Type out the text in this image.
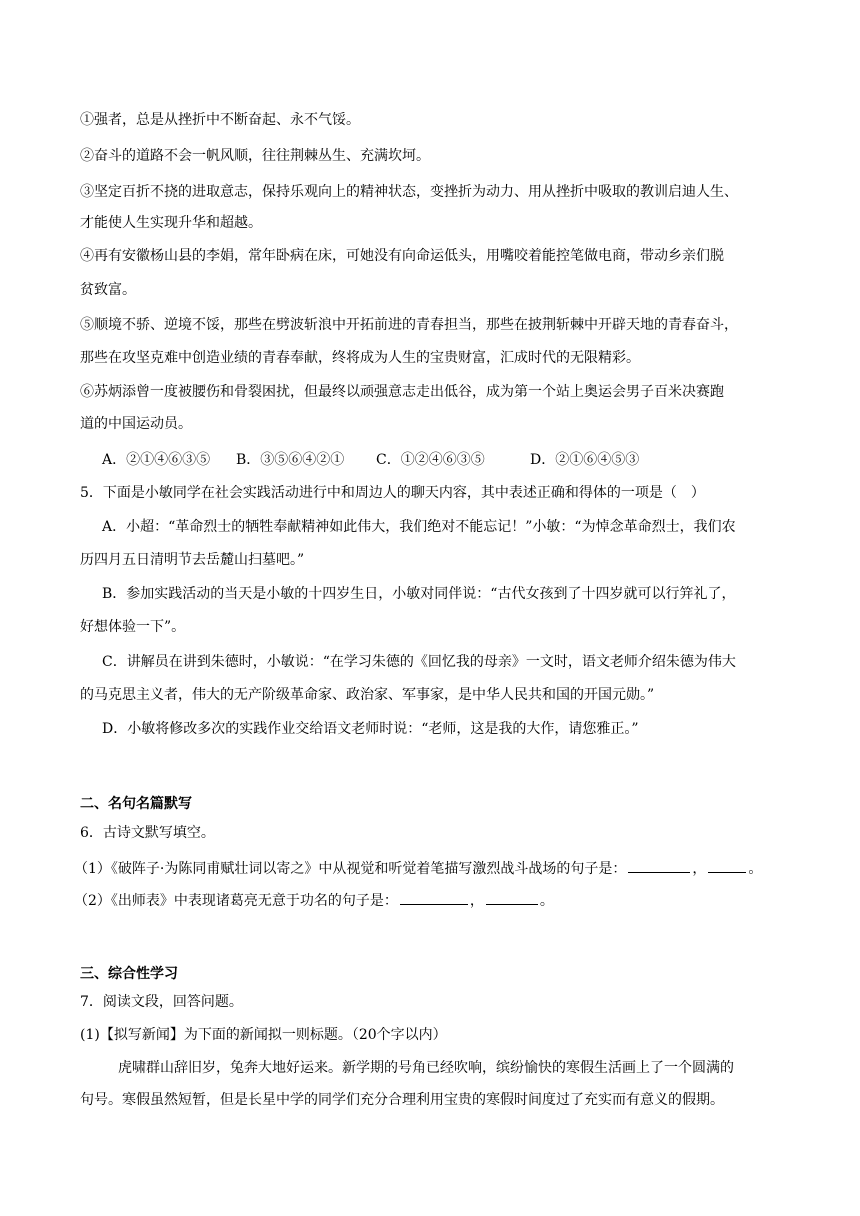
①强者，总是从挫折中不断奋起、永不气馁。
②奋斗的道路不会一帆风顺，往往荆棘丛生、充满坎坷。
③坚定百折不挠的进取意志，保持乐观向上的精神状态，变挫折为动力、用从挫折中吸取的教训启迪人生、
才能使人生实现升华和超越。
④再有安徽杨山县的李娟，常年卧病在床，可她没有向命运低头，用嘴咬着能控笔做电商，带动乡亲们脱
贫致富。
⑤顺境不骄、逆境不馁，那些在劈波斩浪中开拓前进的青春担当，那些在披荆斩棘中开辟天地的青春奋斗，
那些在攻坚克难中创造业绩的青春奉献，终将成为人生的宝贵财富，汇成时代的无限精彩。
⑥苏炳添曾一度被腰伤和骨裂困扰，但最终以顽强意志走出低谷，成为第一个站上奥运会男子百米决赛跑
道的中国运动员。
A．②①④⑥③⑤ B．③⑤⑥④②① C．①②④⑥③⑤	D．②①⑥④⑤③
5．下面是小敏同学在社会实践活动进行中和周边人的聊天内容，其中表述正确和得体的一项是（　）
A．小超：“革命烈士的牺牲奉献精神如此伟大，我们绝对不能忘记！”小敏：“为悼念革命烈士，我们农
历四月五日清明节去岳麓山扫墓吧。”
B．参加实践活动的当天是小敏的十四岁生日，小敏对同伴说：“古代女孩到了十四岁就可以行笄礼了，
好想体验一下”。
C．讲解员在讲到朱德时，小敏说：“在学习朱德的《回忆我的母亲》一文时，语文老师介绍朱德为伟大
的马克思主义者，伟大的无产阶级革命家、政治家、军事家，是中华人民共和国的开国元勋。”
D．小敏将修改多次的实践作业交给语文老师时说：“老师，这是我的大作，请您雅正。”
二、名句名篇默写
6．古诗文默写填空。
（1）《破阵子·为陈同甫赋壮词以寄之》中从视觉和听觉着笔描写激烈战斗战场的句子是：	，	。
（2）《出师表》中表现诸葛亮无意于功名的句子是：	，	。
三、综合性学习
7．阅读文段，回答问题。
(1)【拟写新闻】为下面的新闻拟一则标题。（20个字以内）
虎啸群山辞旧岁，兔奔大地好运来。新学期的号角已经吹响，缤纷愉快的寒假生活画上了一个圆满的
句号。寒假虽然短暂，但是长星中学的同学们充分合理利用宝贵的寒假时间度过了充实而有意义的假期。
